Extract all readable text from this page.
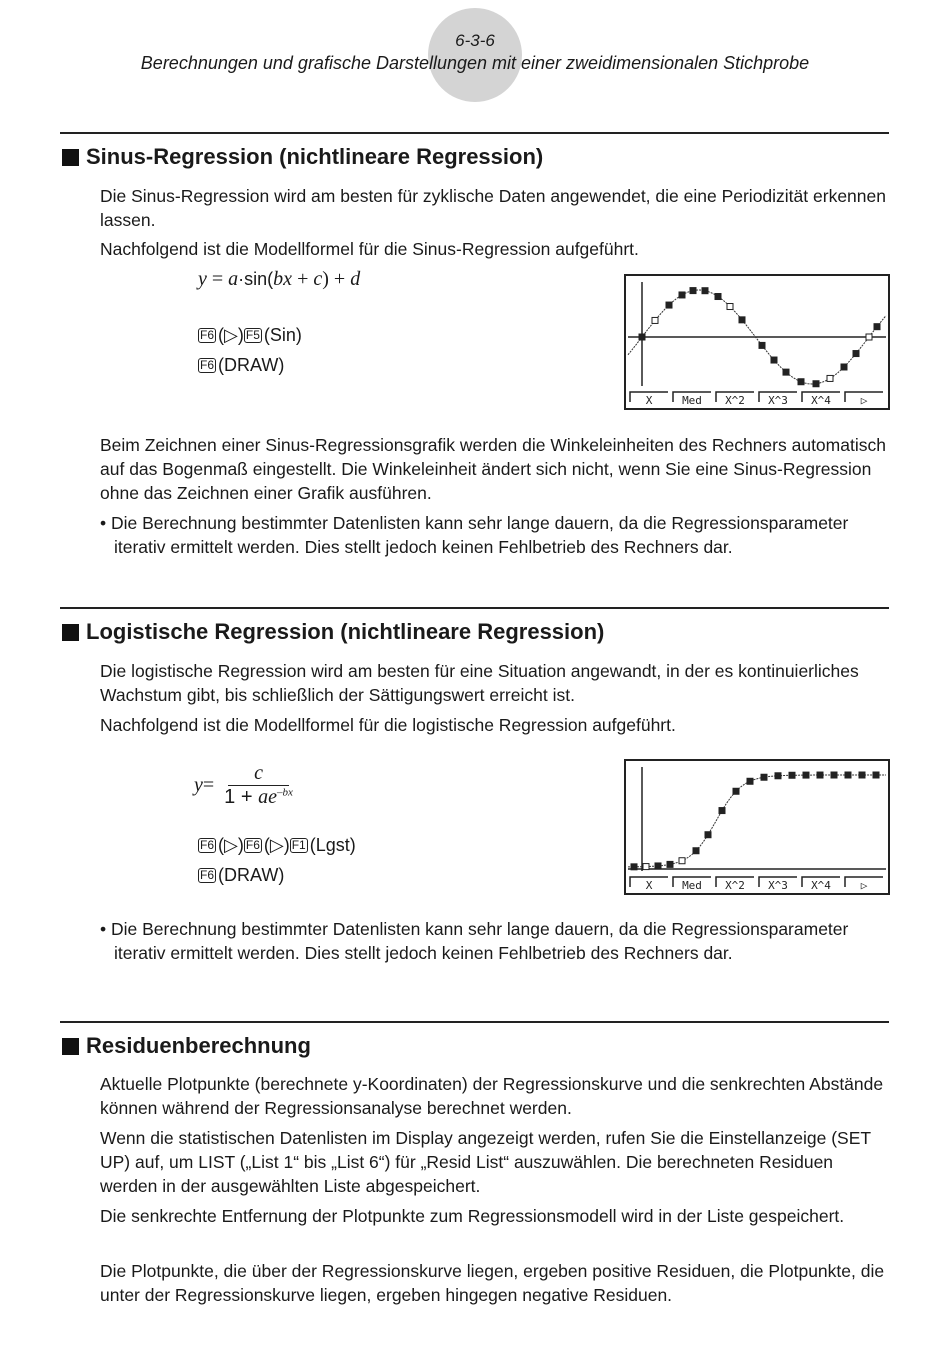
6-3-6
Berechnungen und grafische Darstellungen mit einer zweidimensionalen Stichprobe
Sinus-Regression (nichtlineare Regression)
Die Sinus-Regression wird am besten für zyklische Daten angewendet, die eine Periodizität erkennen lassen.
Nachfolgend ist die Modellformel für die Sinus-Regression aufgeführt.
y = a·sin(bx + c) + d
F6 (▷) F5 (Sin)
F6 (DRAW)
X	Med X^2 X^3 X^4	▷
Beim Zeichnen einer Sinus-Regressionsgrafik werden die Winkeleinheiten des Rechners automatisch auf das Bogenmaß eingestellt. Die Winkeleinheit ändert sich nicht, wenn Sie eine Sinus-Regression ohne das Zeichnen einer Grafik ausführen.
• Die Berechnung bestimmter Datenlisten kann sehr lange dauern, da die Regressionsparameter iterativ ermittelt werden. Dies stellt jedoch keinen Fehlbetrieb des Rechners dar.
Logistische Regression (nichtlineare Regression)
Die logistische Regression wird am besten für eine Situation angewandt, in der es kontinuierliches Wachstum gibt, bis schließlich der Sättigungswert erreicht ist.
Nachfolgend ist die Modellformel für die logistische Regression aufgeführt.
$y = \frac{c}{1 + ae^{-bx}}$
F6 (▷) F6 (▷) F1 (Lgst)
F6 (DRAW)
X	Med X^2 X^3 X^4	▷
• Die Berechnung bestimmter Datenlisten kann sehr lange dauern, da die Regressionsparameter iterativ ermittelt werden. Dies stellt jedoch keinen Fehlbetrieb des Rechners dar.
Residuenberechnung
Aktuelle Plotpunkte (berechnete y-Koordinaten) der Regressionskurve und die senkrechten Abstände können während der Regressionsanalyse berechnet werden.
Wenn die statistischen Datenlisten im Display angezeigt werden, rufen Sie die Einstellanzeige (SET UP) auf, um LIST („List 1“ bis „List 6“) für „Resid List“ auszuwählen. Die berechneten Residuen werden in der ausgewählten Liste abgespeichert.
Die senkrechte Entfernung der Plotpunkte zum Regressionsmodell wird in der Liste gespeichert.
Die Plotpunkte, die über der Regressionskurve liegen, ergeben positive Residuen, die Plotpunkte, die unter der Regressionskurve liegen, ergeben hingegen negative Residuen.
